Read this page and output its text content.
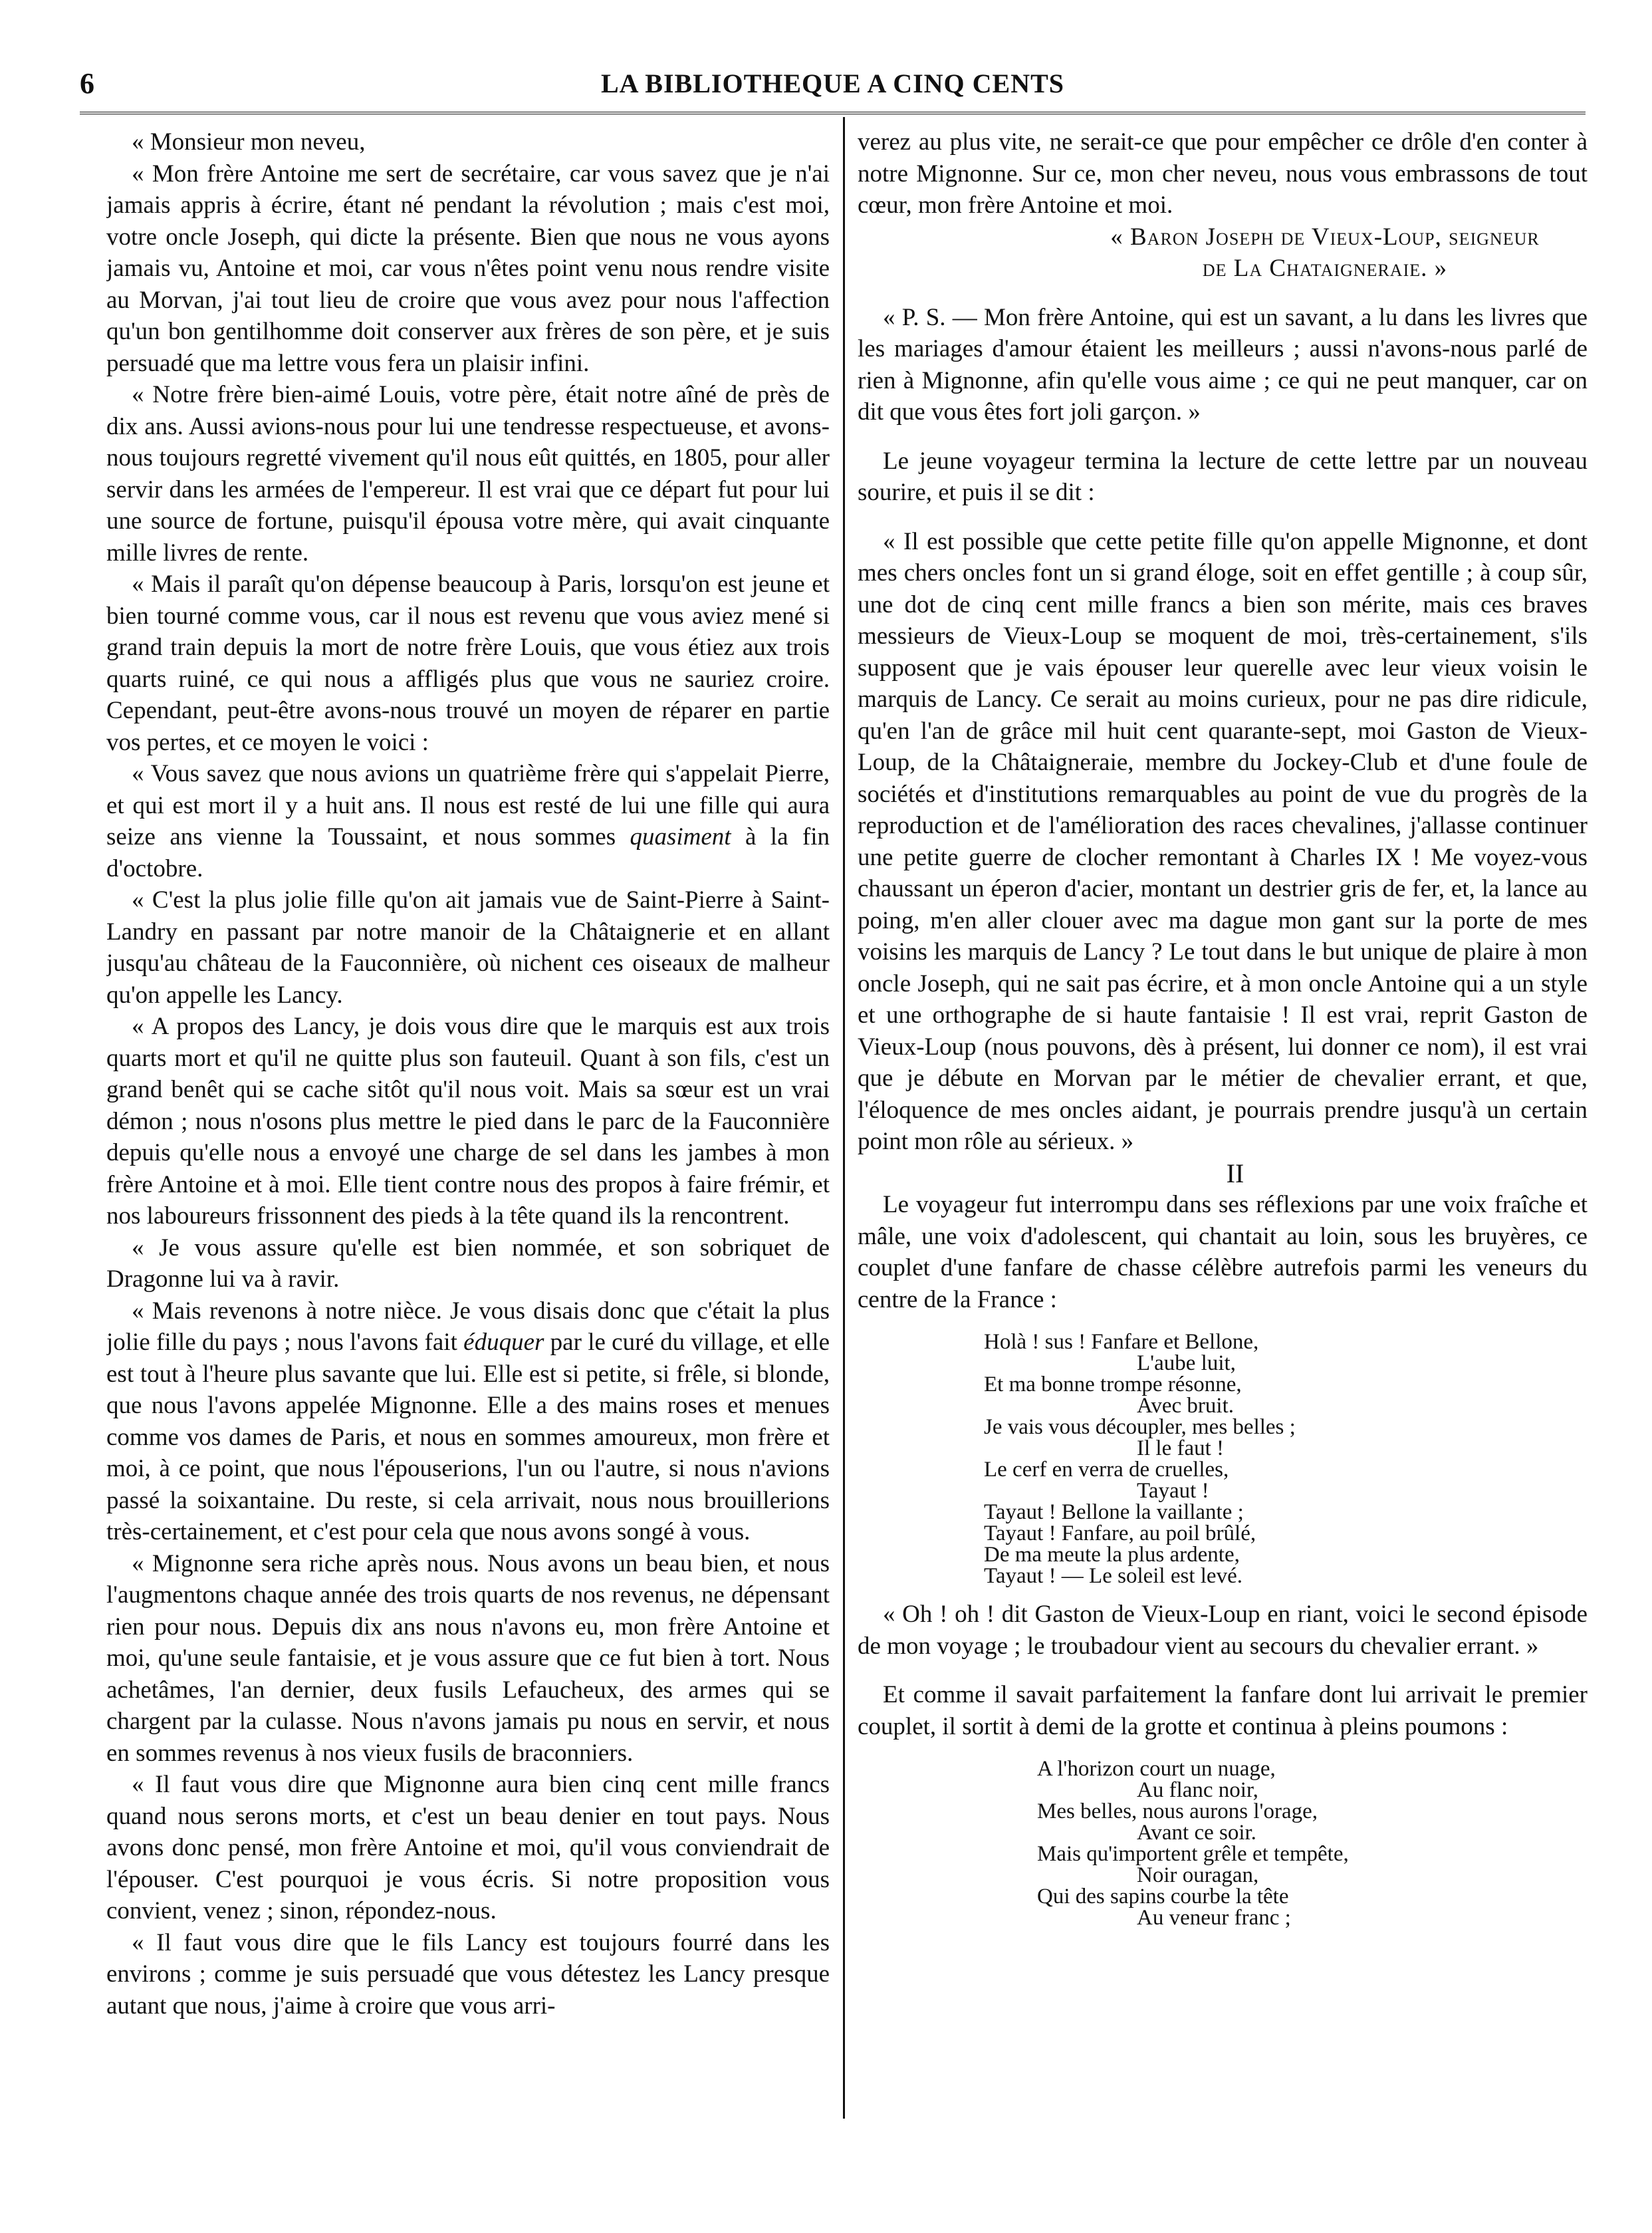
6	LA BIBLIOTHEQUE A CINQ CENTS

« Monsieur mon neveu,

« Mon frère Antoine me sert de secrétaire, car vous savez que je n'ai jamais appris à écrire, étant né pendant la révolution ; mais c'est moi, votre oncle Joseph, qui dicte la présente. Bien que nous ne vous ayons jamais vu, Antoine et moi, car vous n'êtes point venu nous rendre visite au Morvan, j'ai tout lieu de croire que vous avez pour nous l'affection qu'un bon gentilhomme doit conserver aux frères de son père, et je suis persuadé que ma lettre vous fera un plaisir infini.

« Notre frère bien-aimé Louis, votre père, était notre aîné de près de dix ans. Aussi avions-nous pour lui une tendresse respectueuse, et avons-nous toujours regretté vivement qu'il nous eût quittés, en 1805, pour aller servir dans les armées de l'empereur. Il est vrai que ce départ fut pour lui une source de fortune, puisqu'il épousa votre mère, qui avait cinquante mille livres de rente.

« Mais il paraît qu'on dépense beaucoup à Paris, lorsqu'on est jeune et bien tourné comme vous, car il nous est revenu que vous aviez mené si grand train depuis la mort de notre frère Louis, que vous étiez aux trois quarts ruiné, ce qui nous a affligés plus que vous ne sauriez croire. Cependant, peut-être avons-nous trouvé un moyen de réparer en partie vos pertes, et ce moyen le voici :

« Vous savez que nous avions un quatrième frère qui s'appelait Pierre, et qui est mort il y a huit ans. Il nous est resté de lui une fille qui aura seize ans vienne la Toussaint, et nous sommes quasiment à la fin d'octobre.

« C'est la plus jolie fille qu'on ait jamais vue de Saint-Pierre à Saint-Landry en passant par notre manoir de la Châtaignerie et en allant jusqu'au château de la Fauconnière, où nichent ces oiseaux de malheur qu'on appelle les Lancy.

« A propos des Lancy, je dois vous dire que le marquis est aux trois quarts mort et qu'il ne quitte plus son fauteuil. Quant à son fils, c'est un grand benêt qui se cache sitôt qu'il nous voit. Mais sa sœur est un vrai démon ; nous n'osons plus mettre le pied dans le parc de la Fauconnière depuis qu'elle nous a envoyé une charge de sel dans les jambes à mon frère Antoine et à moi. Elle tient contre nous des propos à faire frémir, et nos laboureurs frissonnent des pieds à la tête quand ils la rencontrent.

« Je vous assure qu'elle est bien nommée, et son sobriquet de Dragonne lui va à ravir.

« Mais revenons à notre nièce. Je vous disais donc que c'était la plus jolie fille du pays ; nous l'avons fait éduquer par le curé du village, et elle est tout à l'heure plus savante que lui. Elle est si petite, si frêle, si blonde, que nous l'avons appelée Mignonne. Elle a des mains roses et menues comme vos dames de Paris, et nous en sommes amoureux, mon frère et moi, à ce point, que nous l'épouserions, l'un ou l'autre, si nous n'avions passé la soixantaine. Du reste, si cela arrivait, nous nous brouillerions très-certainement, et c'est pour cela que nous avons songé à vous.

« Mignonne sera riche après nous. Nous avons un beau bien, et nous l'augmentons chaque année des trois quarts de nos revenus, ne dépensant rien pour nous. Depuis dix ans nous n'avons eu, mon frère Antoine et moi, qu'une seule fantaisie, et je vous assure que ce fut bien à tort. Nous achetâmes, l'an dernier, deux fusils Lefaucheux, des armes qui se chargent par la culasse. Nous n'avons jamais pu nous en servir, et nous en sommes revenus à nos vieux fusils de braconniers.

« Il faut vous dire que Mignonne aura bien cinq cent mille francs quand nous serons morts, et c'est un beau denier en tout pays. Nous avons donc pensé, mon frère Antoine et moi, qu'il vous conviendrait de l'épouser. C'est pourquoi je vous écris. Si notre proposition vous convient, venez ; sinon, répondez-nous.

« Il faut vous dire que le fils Lancy est toujours fourré dans les environs ; comme je suis persuadé que vous détestez les Lancy presque autant que nous, j'aime à croire que vous arri-

verez au plus vite, ne serait-ce que pour empêcher ce drôle d'en conter à notre Mignonne. Sur ce, mon cher neveu, nous vous embrassons de tout cœur, mon frère Antoine et moi.

« Baron Joseph de Vieux-Loup, seigneur

de La Chataigneraie. »

« P. S. — Mon frère Antoine, qui est un savant, a lu dans les livres que les mariages d'amour étaient les meilleurs ; aussi n'avons-nous parlé de rien à Mignonne, afin qu'elle vous aime ; ce qui ne peut manquer, car on dit que vous êtes fort joli garçon. »

Le jeune voyageur termina la lecture de cette lettre par un nouveau sourire, et puis il se dit :

« Il est possible que cette petite fille qu'on appelle Mignonne, et dont mes chers oncles font un si grand éloge, soit en effet gentille ; à coup sûr, une dot de cinq cent mille francs a bien son mérite, mais ces braves messieurs de Vieux-Loup se moquent de moi, très-certainement, s'ils supposent que je vais épouser leur querelle avec leur vieux voisin le marquis de Lancy. Ce serait au moins curieux, pour ne pas dire ridicule, qu'en l'an de grâce mil huit cent quarante-sept, moi Gaston de Vieux-Loup, de la Châtaigneraie, membre du Jockey-Club et d'une foule de sociétés et d'institutions remarquables au point de vue du progrès de la reproduction et de l'amélioration des races chevalines, j'allasse continuer une petite guerre de clocher remontant à Charles IX ! Me voyez-vous chaussant un éperon d'acier, montant un destrier gris de fer, et, la lance au poing, m'en aller clouer avec ma dague mon gant sur la porte de mes voisins les marquis de Lancy ? Le tout dans le but unique de plaire à mon oncle Joseph, qui ne sait pas écrire, et à mon oncle Antoine qui a un style et une orthographe de si haute fantaisie ! Il est vrai, reprit Gaston de Vieux-Loup (nous pouvons, dès à présent, lui donner ce nom), il est vrai que je débute en Morvan par le métier de chevalier errant, et que, l'éloquence de mes oncles aidant, je pourrais prendre jusqu'à un certain point mon rôle au sérieux. »

II

Le voyageur fut interrompu dans ses réflexions par une voix fraîche et mâle, une voix d'adolescent, qui chantait au loin, sous les bruyères, ce couplet d'une fanfare de chasse célèbre autrefois parmi les veneurs du centre de la France :

Holà ! sus ! Fanfare et Bellone,
L'aube luit,
Et ma bonne trompe résonne,
Avec bruit.
Je vais vous découpler, mes belles ;
Il le faut !
Le cerf en verra de cruelles,
Tayaut !
Tayaut ! Bellone la vaillante ;
Tayaut ! Fanfare, au poil brûlé,
De ma meute la plus ardente,
Tayaut ! — Le soleil est levé.

« Oh ! oh ! dit Gaston de Vieux-Loup en riant, voici le second épisode de mon voyage ; le troubadour vient au secours du chevalier errant. »

Et comme il savait parfaitement la fanfare dont lui arrivait le premier couplet, il sortit à demi de la grotte et continua à pleins poumons :

A l'horizon court un nuage,
Au flanc noir,
Mes belles, nous aurons l'orage,
Avant ce soir.
Mais qu'importent grêle et tempête,
Noir ouragan,
Qui des sapins courbe la tête
Au veneur franc ;
